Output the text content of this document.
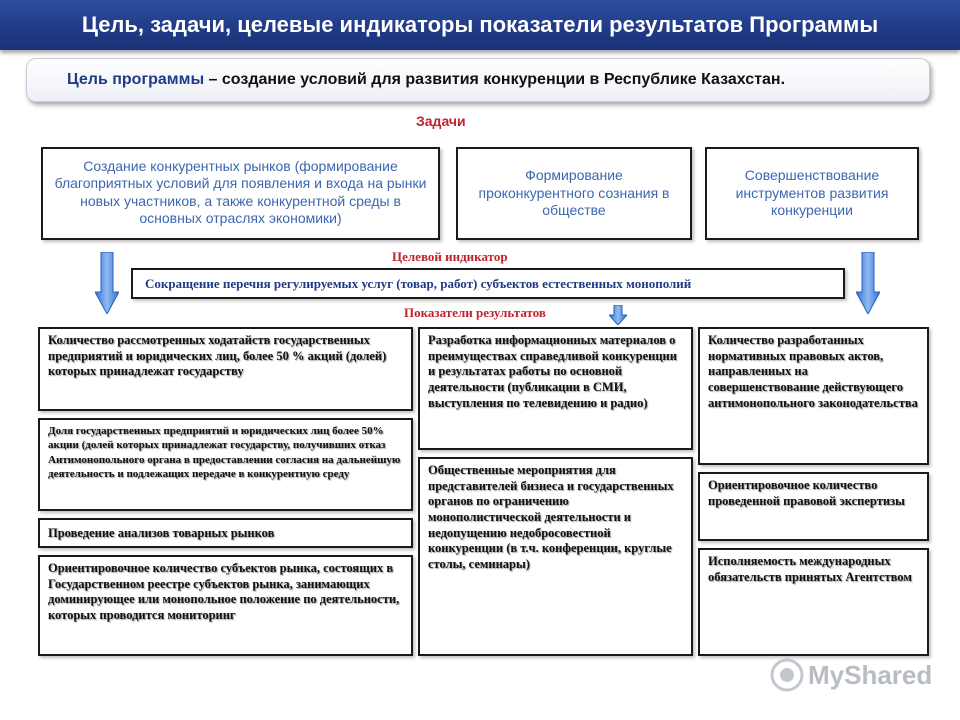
Цель, задачи, целевые индикаторы показатели результатов Программы
Цель программы – создание условий для развития конкуренции в Республике Казахстан.
Задачи
Создание конкурентных рынков (формирование благоприятных условий для появления и входа на рынки новых участников, а также конкурентной среды в основных отраслях экономики)
Формирование проконкурентного сознания в обществе
Совершенствование инструментов развития конкуренции
Целевой индикатор
Сокращение перечня регулируемых услуг (товар, работ) субъектов естественных монополий
Показатели результатов
Количество рассмотренных ходатайств государственных предприятий и юридических лиц, более 50 % акций (долей) которых принадлежат государству
Доля государственных предприятий и юридических лиц более 50% акции (долей которых принадлежат государству, получивших отказ Антимонопольного органа в предоставлении согласия на дальнейшую деятельность и подлежащих передаче в конкурентную среду
Проведение анализов товарных рынков
Ориентировочное количество субъектов рынка, состоящих в Государственном реестре субъектов рынка, занимающих доминирующее или монопольное положение по деятельности, которых проводится мониторинг
Разработка информационных материалов о преимуществах справедливой конкуренции и результатах работы по основной деятельности (публикации в СМИ, выступления по телевидению и радио)
Общественные мероприятия для представителей бизнеса и государственных органов по ограничению монополистической деятельности и недопущению недобросовестной конкуренции (в т.ч. конференции, круглые столы, семинары)
Количество разработанных нормативных правовых актов, направленных на совершенствование действующего антимонопольного законодательства
Ориентировочное количество проведенной правовой экспертизы
Исполняемость международных обязательств принятых Агентством
MyShared
